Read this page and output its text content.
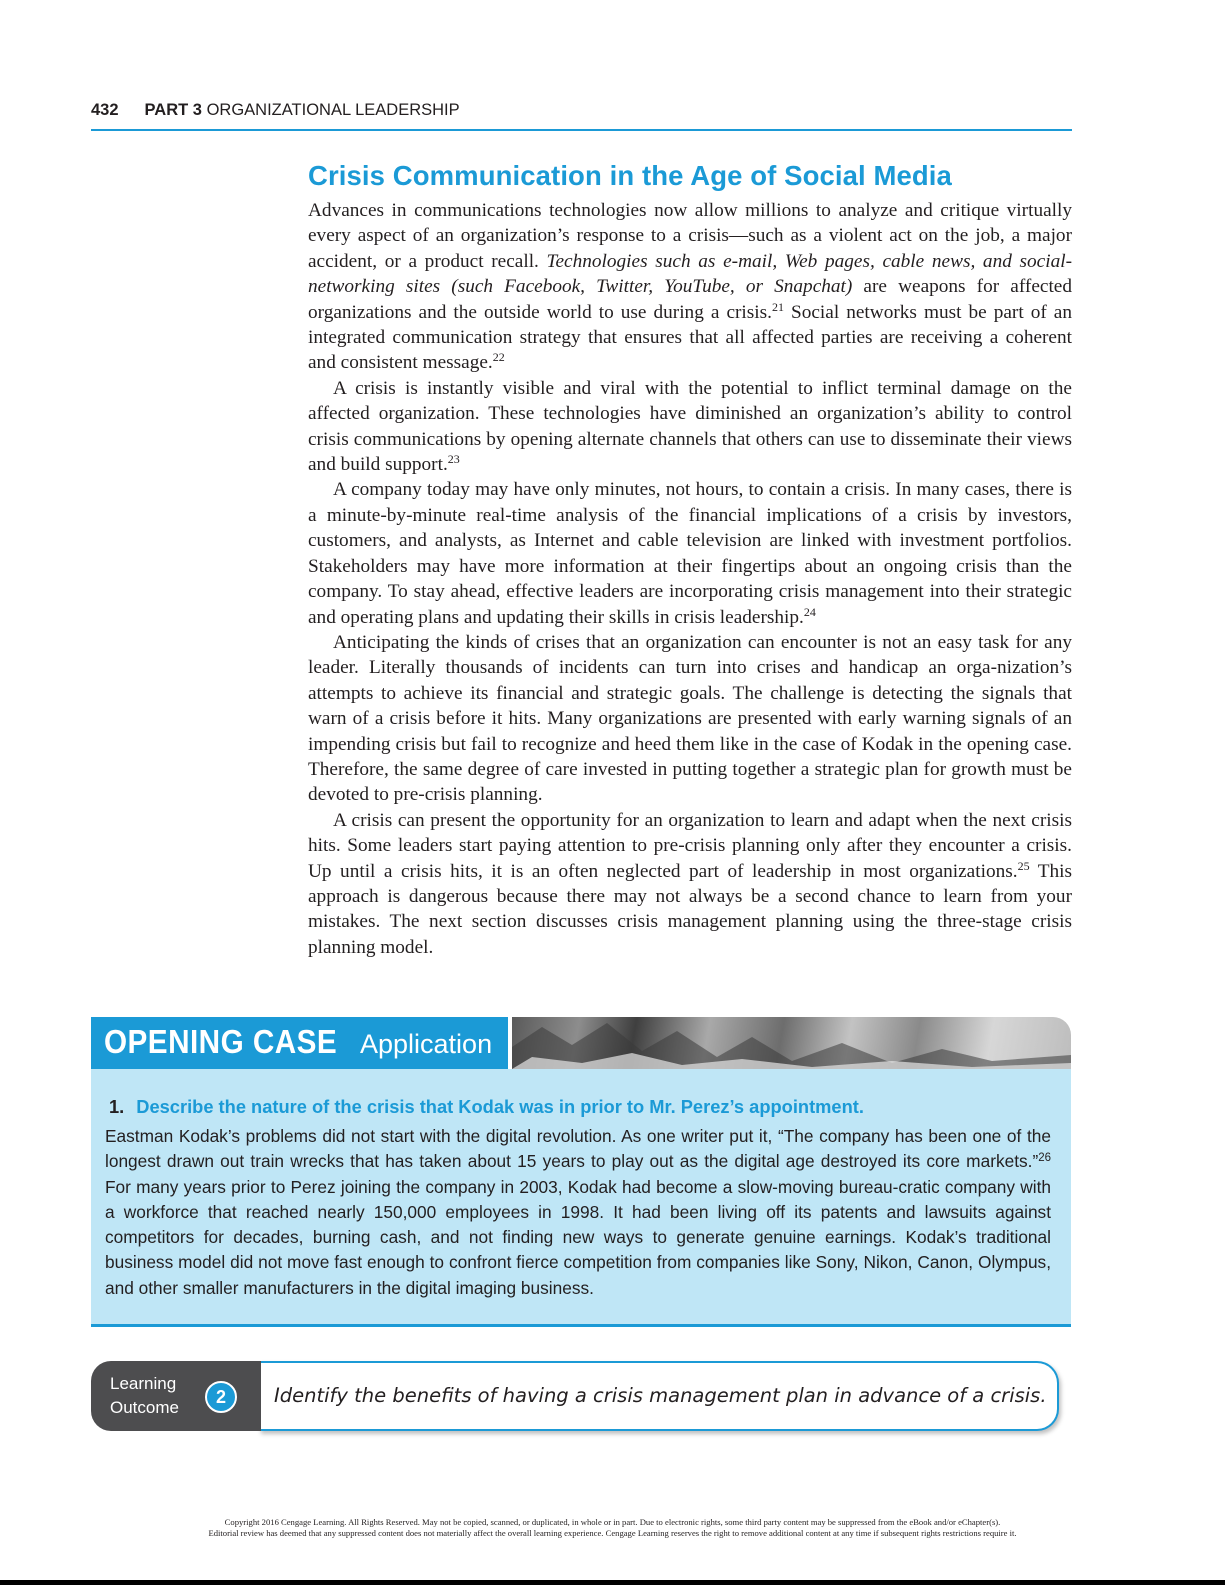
432 PART 3 ORGANIZATIONAL LEADERSHIP
Crisis Communication in the Age of Social Media

Advances in communications technologies now allow millions to analyze and critique virtually every aspect of an organization’s response to a crisis—such as a violent act on the job, a major accident, or a product recall. Technologies such as e-mail, Web pages, cable news, and social-networking sites (such Facebook, Twitter, YouTube, or Snapchat) are weapons for affected organizations and the outside world to use during a crisis.$^{21}$ Social networks must be part of an integrated communication strategy that ensures that all affected parties are receiving a coherent and consistent message.$^{22}$

A crisis is instantly visible and viral with the potential to inflict terminal damage on the affected organization. These technologies have diminished an organization’s ability to control crisis communications by opening alternate channels that others can use to disseminate their views and build support.$^{23}$

A company today may have only minutes, not hours, to contain a crisis. In many cases, there is a minute-by-minute real-time analysis of the financial implications of a crisis by investors, customers, and analysts, as Internet and cable television are linked with investment portfolios. Stakeholders may have more information at their fingertips about an ongoing crisis than the company. To stay ahead, effective leaders are incorporating crisis management into their strategic and operating plans and updating their skills in crisis leadership.$^{24}$

Anticipating the kinds of crises that an organization can encounter is not an easy task for any leader. Literally thousands of incidents can turn into crises and handicap an orga-nization’s attempts to achieve its financial and strategic goals. The challenge is detecting the signals that warn of a crisis before it hits. Many organizations are presented with early warning signals of an impending crisis but fail to recognize and heed them like in the case of Kodak in the opening case. Therefore, the same degree of care invested in putting together a strategic plan for growth must be devoted to pre-crisis planning.

A crisis can present the opportunity for an organization to learn and adapt when the next crisis hits. Some leaders start paying attention to pre-crisis planning only after they encounter a crisis. Up until a crisis hits, it is an often neglected part of leadership in most organizations.$^{25}$ This approach is dangerous because there may not always be a second chance to learn from your mistakes. The next section discusses crisis management planning using the three-stage crisis planning model.

OPENING CASE Application
1. Describe the nature of the crisis that Kodak was in prior to Mr. Perez’s appointment.
Eastman Kodak’s problems did not start with the digital revolution. As one writer put it, “The company has been one of the longest drawn out train wrecks that has taken about 15 years to play out as the digital age destroyed its core markets.”$^{26}$ For many years prior to Perez joining the company in 2003, Kodak had become a slow-moving bureau-cratic company with a workforce that reached nearly 150,000 employees in 1998. It had been living off its patents and lawsuits against competitors for decades, burning cash, and not finding new ways to generate genuine earnings. Kodak’s traditional business model did not move fast enough to confront fierce competition from companies like Sony, Nikon, Canon, Olympus, and other smaller manufacturers in the digital imaging business.
Identify the benefits of having a crisis management plan in advance of a crisis.
Learning
Outcome
2
Copyright 2016 Cengage Learning. All Rights Reserved. May not be copied, scanned, or duplicated, in whole or in part. Due to electronic rights, some third party content may be suppressed from the eBook and/or eChapter(s).
Editorial review has deemed that any suppressed content does not materially affect the overall learning experience. Cengage Learning reserves the right to remove additional content at any time if subsequent rights restrictions require it.
